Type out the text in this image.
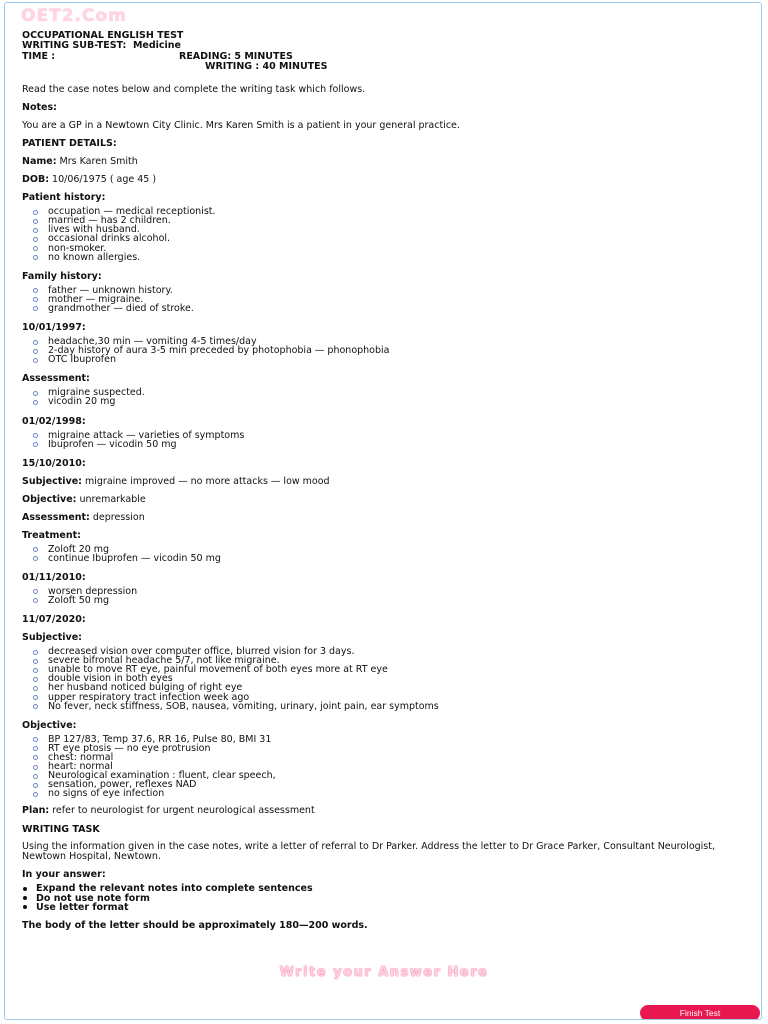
OET2.Com
OCCUPATIONAL ENGLISH TEST
WRITING SUB-TEST: Medicine
TIME :	READING: 5 MINUTES
WRITING : 40 MINUTES

Read the case notes below and complete the writing task which follows.

Notes:

You are a GP in a Newtown City Clinic. Mrs Karen Smith is a patient in your general practice.

PATIENT DETAILS:

Name: Mrs Karen Smith

DOB: 10/06/1975 ( age 45 )

Patient history:

occupation — medical receptionist.
married — has 2 children.
lives with husband.
occasional drinks alcohol.
non-smoker.
no known allergies.

Family history:

father — unknown history.
mother — migraine.
grandmother — died of stroke.

10/01/1997:

headache,30 min — vomiting 4-5 times/day
2-day history of aura 3-5 min preceded by photophobia — phonophobia
OTC Ibuprofen

Assessment:

migraine suspected.
vicodin 20 mg

01/02/1998:

migraine attack — varieties of symptoms
Ibuprofen — vicodin 50 mg

15/10/2010:

Subjective: migraine improved — no more attacks — low mood

Objective: unremarkable

Assessment: depression

Treatment:

Zoloft 20 mg
continue Ibuprofen — vicodin 50 mg

01/11/2010:

worsen depression
Zoloft 50 mg

11/07/2020:

Subjective:

decreased vision over computer office, blurred vision for 3 days.
severe bifrontal headache 5/7, not like migraine.
unable to move RT eye, painful movement of both eyes more at RT eye
double vision in both eyes
her husband noticed bulging of right eye
upper respiratory tract infection week ago
No fever, neck stiffness, SOB, nausea, vomiting, urinary, joint pain, ear symptoms

Objective:

BP 127/83, Temp 37.6, RR 16, Pulse 80, BMI 31
RT eye ptosis — no eye protrusion
chest: normal
heart: normal
Neurological examination : fluent, clear speech,
sensation, power, reflexes NAD
no signs of eye infection

Plan: refer to neurologist for urgent neurological assessment

WRITING TASK

Using the information given in the case notes, write a letter of referral to Dr Parker. Address the letter to Dr Grace Parker, Consultant Neurologist, Newtown Hospital, Newtown.

In your answer:

Expand the relevant notes into complete sentences
Do not use note form
Use letter format

The body of the letter should be approximately 180—200 words.

Write your Answer Here
Finish Test
